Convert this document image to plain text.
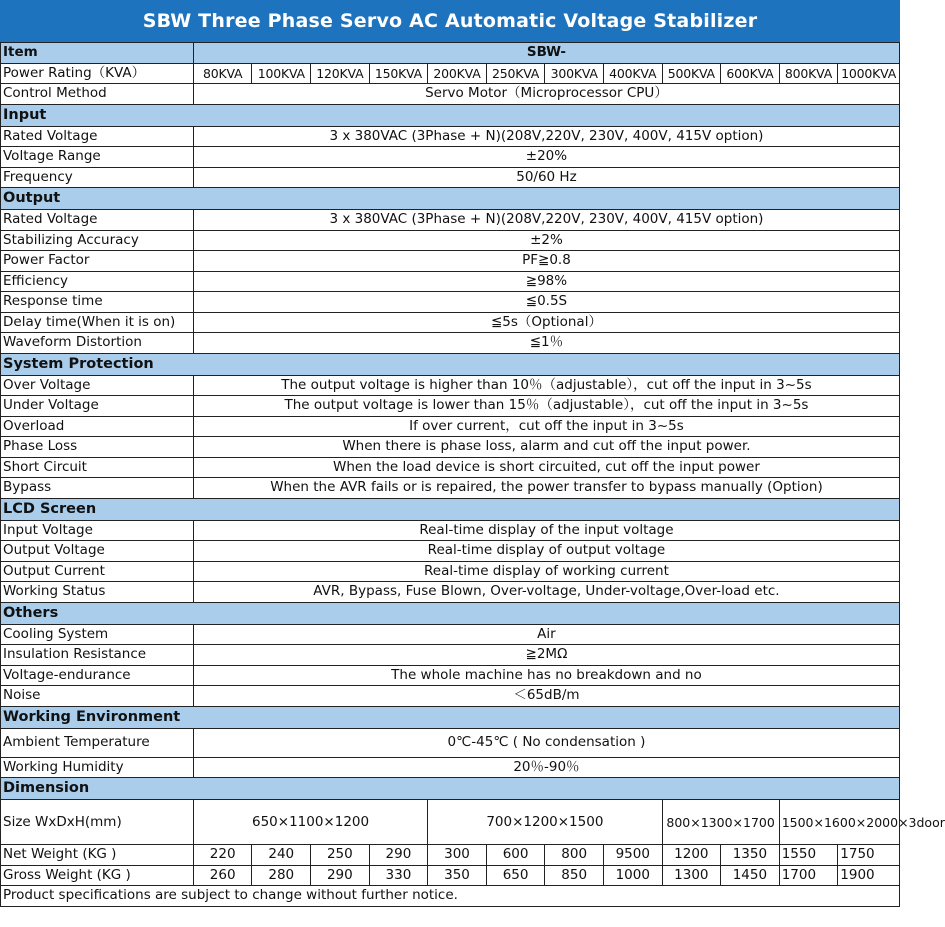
SBW Three Phase Servo AC Automatic Voltage Stabilizer
Item	SBW-											
Power Rating（KVA）	80KVA	100KVA	120KVA	150KVA	200KVA	250KVA	300KVA	400KVA	500KVA	600KVA	800KVA	1000KVA
Control Method	Servo Motor（Microprocessor CPU）											
Input												
Rated Voltage	3 x 380VAC (3Phase + N)(208V,220V, 230V, 400V, 415V option)											
Voltage Range	±20%											
Frequency	50/60 Hz											
Output												
Rated Voltage	3 x 380VAC (3Phase + N)(208V,220V, 230V, 400V, 415V option)											
Stabilizing Accuracy	±2%											
Power Factor	PF≧0.8											
Efficiency	≧98%											
Response time	≦0.5S											
Delay time(When it is on)	≦5s（Optional）											
Waveform Distortion	≦1％											
System Protection												
Over Voltage	The output voltage is higher than 10％（adjustable），cut off the input in 3~5s											
Under Voltage	The output voltage is lower than 15％（adjustable），cut off the input in 3~5s											
Overload	If over current，cut off the input in 3~5s											
Phase Loss	When there is phase loss, alarm and cut off the input power.											
Short Circuit	When the load device is short circuited, cut off the input power											
Bypass	When the AVR fails or is repaired, the power transfer to bypass manually (Option)											
LCD Screen												
Input Voltage	Real-time display of the input voltage											
Output Voltage	Real-time display of output voltage											
Output Current	Real-time display of working current											
Working Status	AVR, Bypass, Fuse Blown, Over-voltage, Under-voltage,Over-load etc.											
Others												
Cooling System	Air											
Insulation Resistance	≧2MΩ											
Voltage-endurance	The whole machine has no breakdown and no											
Noise	＜65dB/m											
Working Environment												
Ambient Temperature	0℃-45℃ ( No condensation )											
Working Humidity	20％-90％											
Dimension												
Size WxDxH(mm)	650×1100×1200				700×1200×1500				800×1300×1700		1500×1600×2000×3door	
Net Weight (KG )	220	240	250	290	300	600	800	9500	1200	1350	1550	1750
Gross Weight (KG )	260	280	290	330	350	650	850	1000	1300	1450	1700	1900
Product specifications are subject to change without further notice.												
